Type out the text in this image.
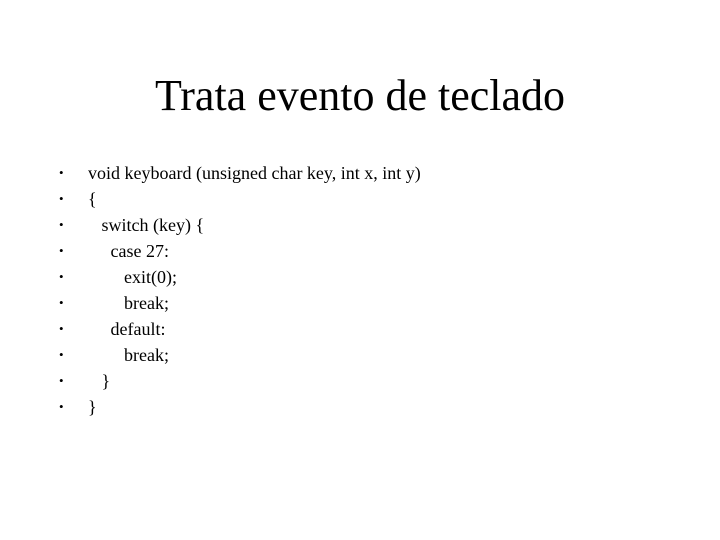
Trata evento de teclado

•

void keyboard (unsigned char key, int x, int y)

•

{

•

switch (key) {

•

case 27:

•

exit(0);

•

break;

•

default:

•

break;

•

}

•

}
